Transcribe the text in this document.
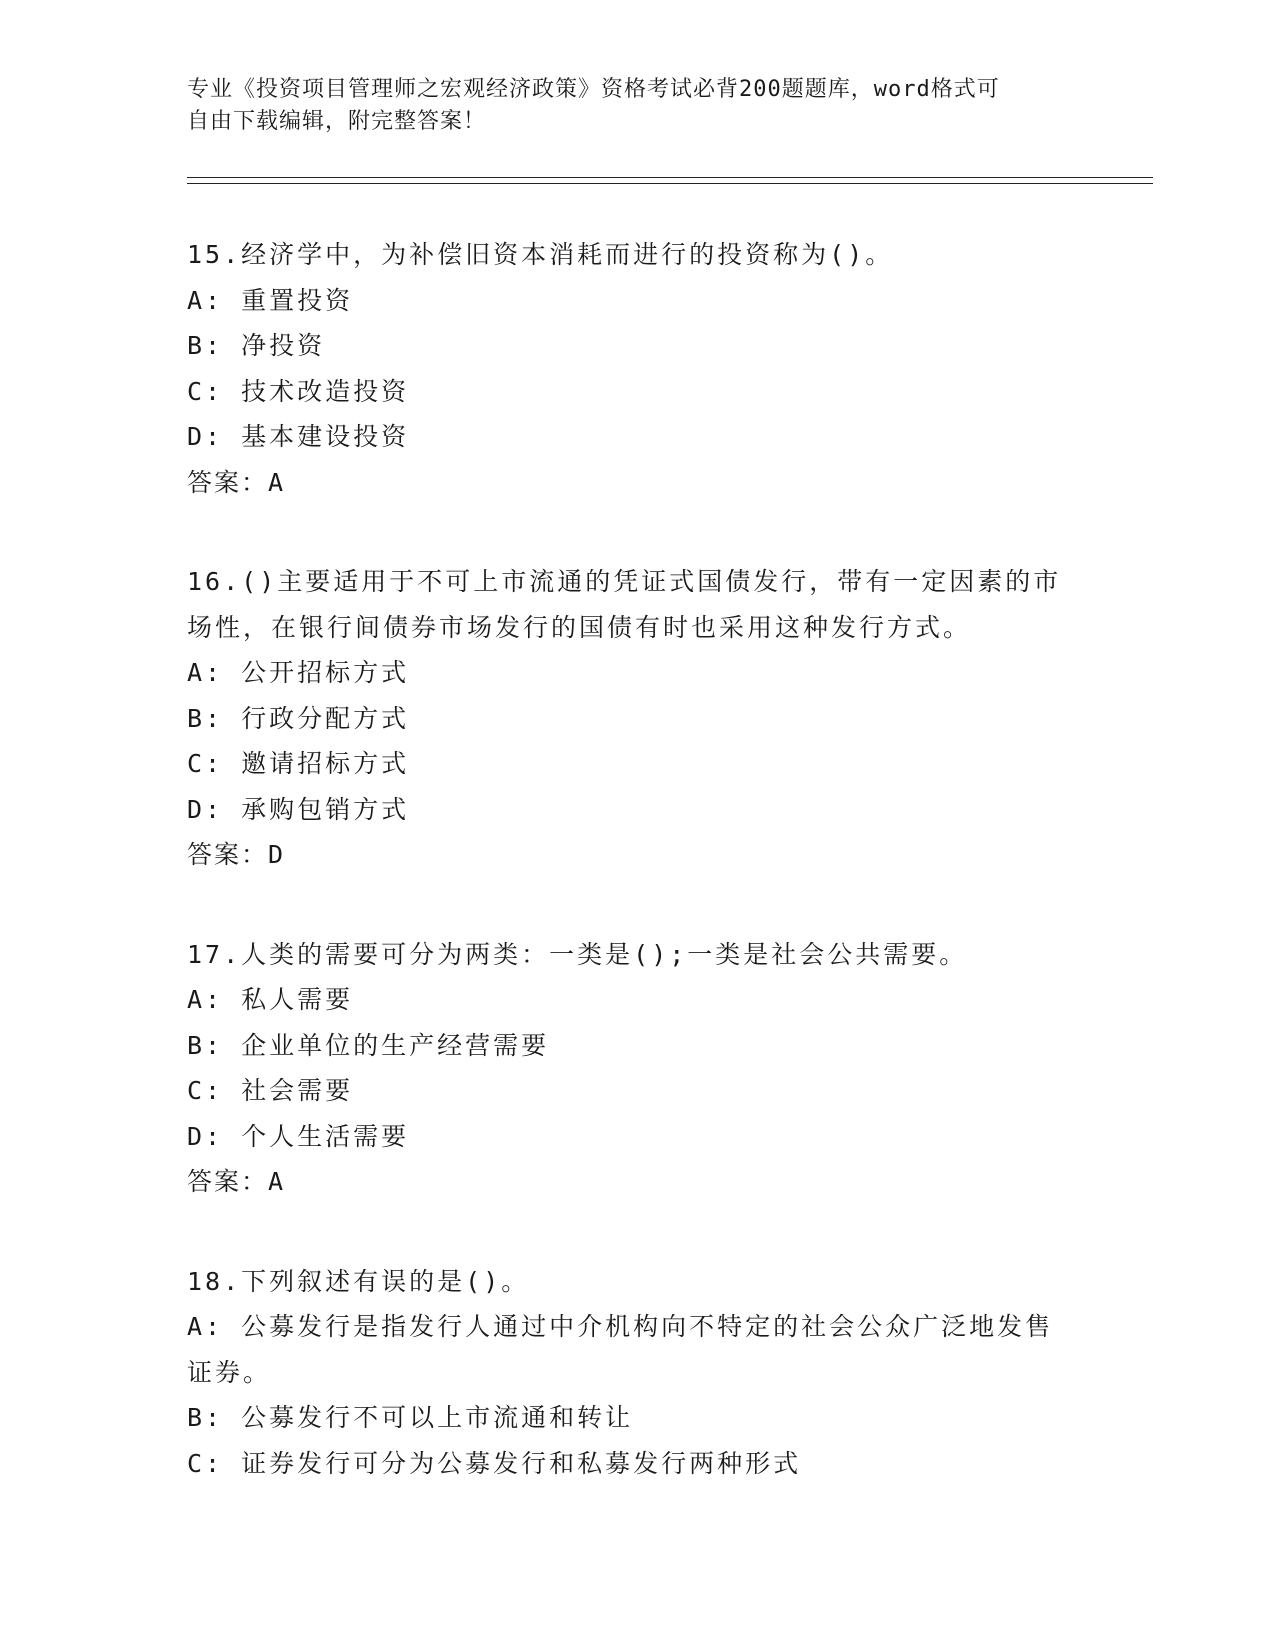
专业《投资项目管理师之宏观经济政策》资格考试必背200题题库，word格式可
自由下载编辑，附完整答案！
15.经济学中，为补偿旧资本消耗而进行的投资称为()。
A: 重置投资
B: 净投资
C: 技术改造投资
D: 基本建设投资
答案：A
16.()主要适用于不可上市流通的凭证式国债发行，带有一定因素的市
场性，在银行间债券市场发行的国债有时也采用这种发行方式。
A: 公开招标方式
B: 行政分配方式
C: 邀请招标方式
D: 承购包销方式
答案：D
17.人类的需要可分为两类：一类是();一类是社会公共需要。
A: 私人需要
B: 企业单位的生产经营需要
C: 社会需要
D: 个人生活需要
答案：A
18.下列叙述有误的是()。
A: 公募发行是指发行人通过中介机构向不特定的社会公众广泛地发售
证券。
B: 公募发行不可以上市流通和转让
C: 证券发行可分为公募发行和私募发行两种形式
